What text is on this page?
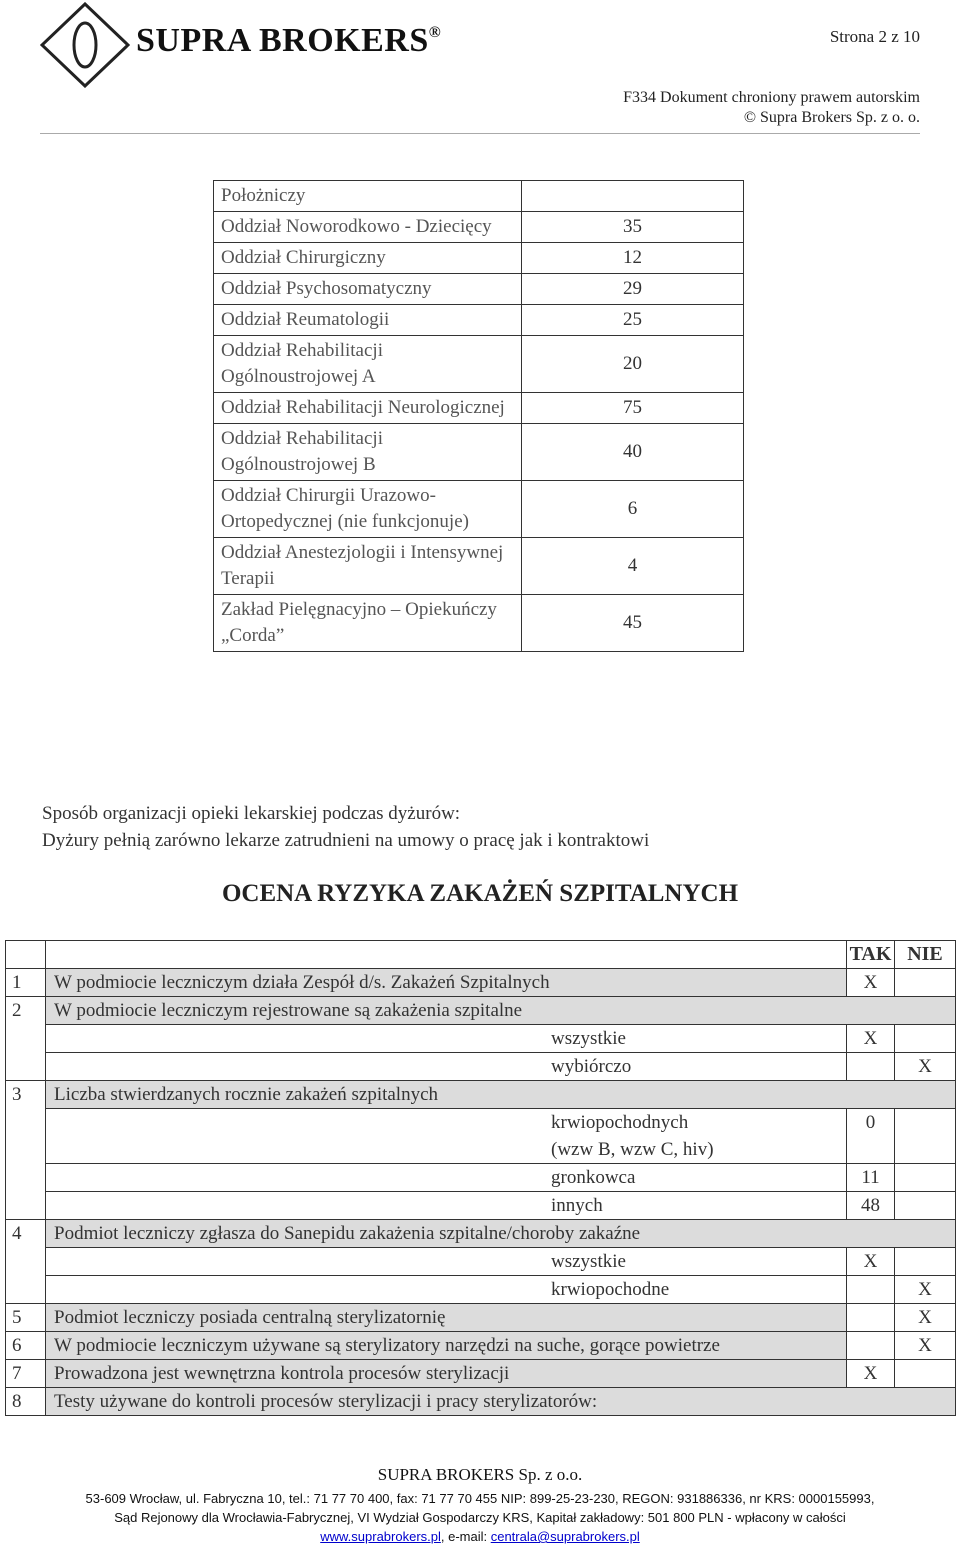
SUPRA BROKERS®	Strona 2 z 10
F334 Dokument chroniony prawem autorskim
© Supra Brokers Sp. z o. o.
Położniczy	
Oddział Noworodkowo - Dziecięcy	35
Oddział Chirurgiczny	12
Oddział Psychosomatyczny	29
Oddział Reumatologii	25
Oddział Rehabilitacji Ogólnoustrojowej A	20
Oddział Rehabilitacji Neurologicznej	75
Oddział Rehabilitacji Ogólnoustrojowej B	40
Oddział Chirurgii Urazowo-Ortopedycznej (nie funkcjonuje)	6
Oddział Anestezjologii i Intensywnej Terapii	4
Zakład Pielęgnacyjno – Opiekuńczy „Corda”	45
Sposób organizacji opieki lekarskiej podczas dyżurów:
Dyżury pełnią zarówno lekarze zatrudnieni na umowy o pracę jak i kontraktowi
OCENA RYZYKA ZAKAŻEŃ SZPITALNYCH
		TAK	NIE
1	W podmiocie leczniczym działa Zespół d/s. Zakażeń Szpitalnych	X	
2	W podmiocie leczniczym rejestrowane są zakażenia szpitalne		
	wszystkie	X	
	wybiórczo		X
3	Liczba stwierdzanych rocznie zakażeń szpitalnych		

	krwiopochodnych
(wzw B, wzw C, hiv)	0	
	gronkowca	11	
	innych	48	
4	Podmiot leczniczy zgłasza do Sanepidu zakażenia szpitalne/choroby zakaźne		
	wszystkie	X	
	krwiopochodne		X
5	Podmiot leczniczy posiada centralną sterylizatornię		X
6	W podmiocie leczniczym używane są sterylizatory narzędzi na suche, gorące powietrze		X
7	Prowadzona jest wewnętrzna kontrola procesów sterylizacji	X	
8	Testy używane do kontroli procesów sterylizacji i pracy sterylizatorów:		
SUPRA BROKERS Sp. z o.o.
53-609 Wrocław, ul. Fabryczna 10, tel.: 71 77 70 400, fax: 71 77 70 455 NIP: 899-25-23-230, REGON: 931886336, nr KRS: 0000155993,
Sąd Rejonowy dla Wrocławia-Fabrycznej, VI Wydział Gospodarczy KRS, Kapitał zakładowy: 501 800 PLN - wpłacony w całości
www.suprabrokers.pl, e-mail: centrala@suprabrokers.pl
